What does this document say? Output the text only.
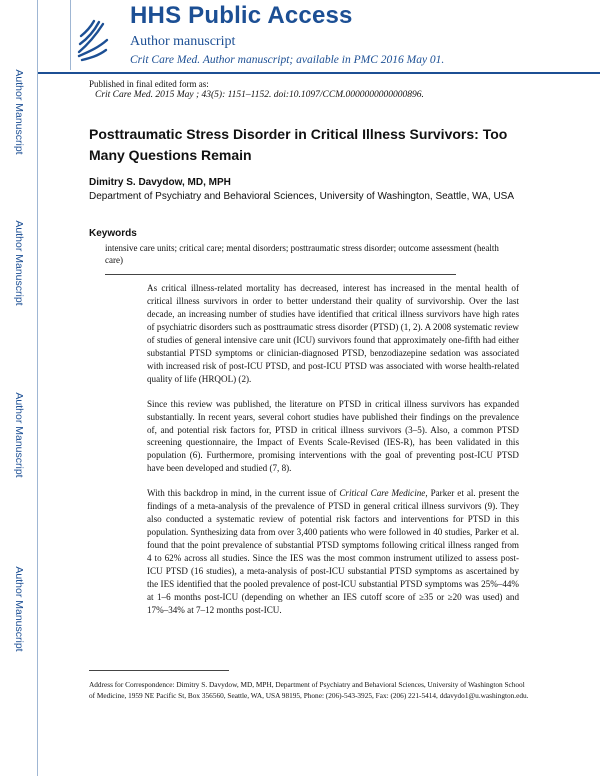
Author Manuscript
Author Manuscript
Author Manuscript
Author Manuscript
HHS Public Access
Author manuscript
Crit Care Med. Author manuscript; available in PMC 2016 May 01.
Published in final edited form as:
Crit Care Med. 2015 May ; 43(5): 1151–1152. doi:10.1097/CCM.0000000000000896.
Posttraumatic Stress Disorder in Critical Illness Survivors: Too Many Questions Remain
Dimitry S. Davydow, MD, MPH
Department of Psychiatry and Behavioral Sciences, University of Washington, Seattle, WA, USA
Keywords
intensive care units; critical care; mental disorders; posttraumatic stress disorder; outcome assessment (health care)

As critical illness-related mortality has decreased, interest has increased in the mental health of critical illness survivors in order to better understand their quality of survivorship. Over the last decade, an increasing number of studies have identified that critical illness survivors have high rates of psychiatric disorders such as posttraumatic stress disorder (PTSD) (1, 2). A 2008 systematic review of studies of general intensive care unit (ICU) survivors found that approximately one-fifth had either substantial PTSD symptoms or clinician-diagnosed PTSD, benzodiazepine sedation was associated with increased risk of post-ICU PTSD, and post-ICU PTSD was associated with worse health-related quality of life (HRQOL) (2).

Since this review was published, the literature on PTSD in critical illness survivors has expanded substantially. In recent years, several cohort studies have published their findings on the prevalence of, and potential risk factors for, PTSD in critical illness survivors (3–5). Also, a common PTSD screening questionnaire, the Impact of Events Scale-Revised (IES-R), has been validated in this population (6). Furthermore, promising interventions with the goal of preventing post-ICU PTSD have been developed and studied (7, 8).

With this backdrop in mind, in the current issue of Critical Care Medicine, Parker et al. present the findings of a meta-analysis of the prevalence of PTSD in general critical illness survivors (9). They also conducted a systematic review of potential risk factors and interventions for PTSD in this population. Synthesizing data from over 3,400 patients who were followed in 40 studies, Parker et al. found that the point prevalence of substantial PTSD symptoms following critical illness ranged from 4 to 62% across all studies. Since the IES was the most common instrument utilized to assess post-ICU PTSD (16 studies), a meta-analysis of post-ICU substantial PTSD symptoms as ascertained by the IES identified that the pooled prevalence of post-ICU substantial PTSD symptoms was 25%–44% at 1–6 months post-ICU (depending on whether an IES cutoff score of ≥35 or ≥20 was used) and 17%–34% at 7–12 months post-ICU.

Address for Correspondence: Dimitry S. Davydow, MD, MPH, Department of Psychiatry and Behavioral Sciences, University of Washington School of Medicine, 1959 NE Pacific St, Box 356560, Seattle, WA, USA 98195, Phone: (206)-543-3925, Fax: (206) 221-5414, ddavydo1@u.washington.edu.
